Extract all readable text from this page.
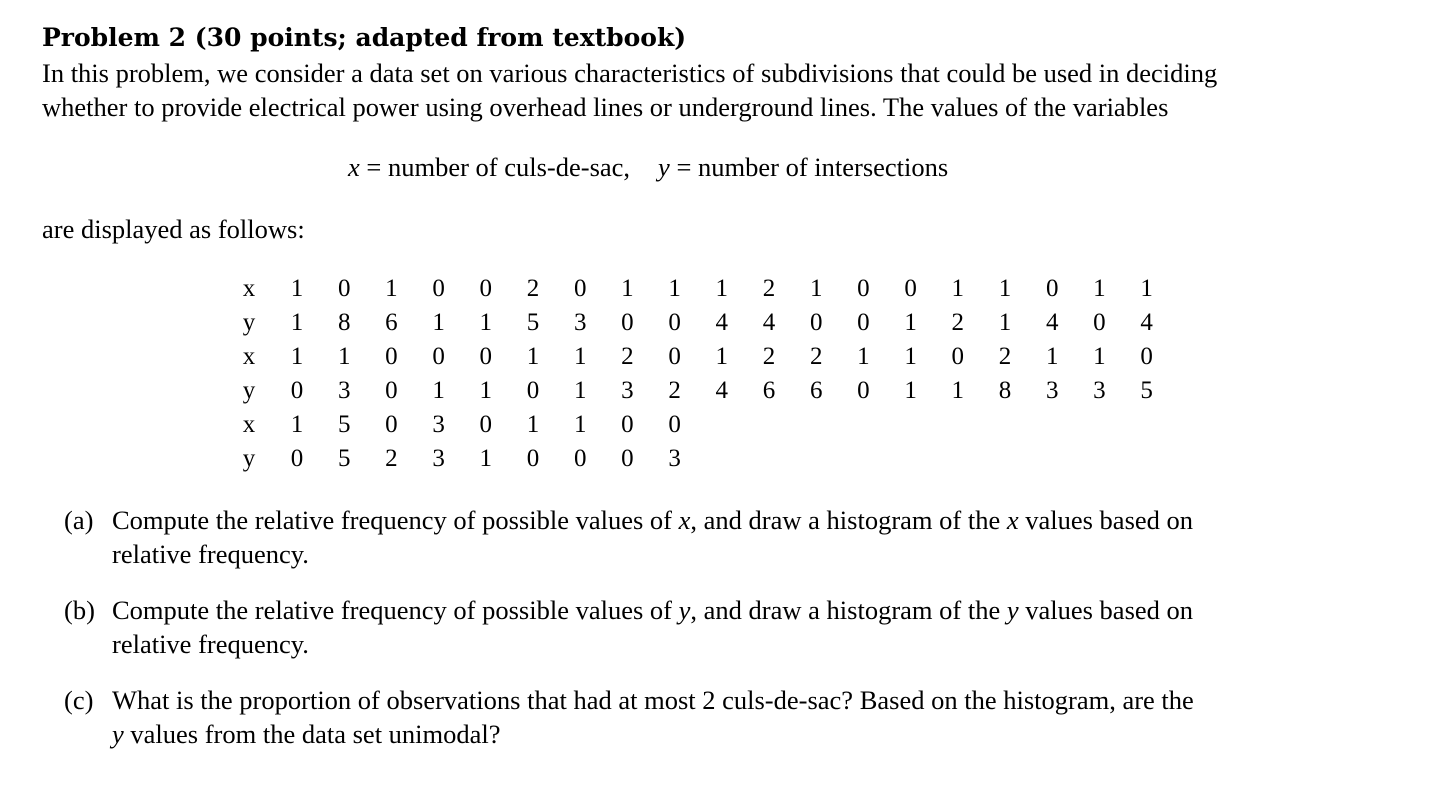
Problem 2 (30 points; adapted from textbook)
In this problem, we consider a data set on various characteristics of subdivisions that could be used in deciding
whether to provide electrical power using overhead lines or underground lines. The values of the variables
x = number of culs-de-sac, y = number of intersections
are displayed as follows:
x	1	0	1	0	0	2	0	1	1	1	2	1	0	0	1	1	0	1	1
y	1	8	6	1	1	5	3	0	0	4	4	0	0	1	2	1	4	0	4
x	1	1	0	0	0	1	1	2	0	1	2	2	1	1	0	2	1	1	0
y	0	3	0	1	1	0	1	3	2	4	6	6	0	1	1	8	3	3	5
x	1	5	0	3	0	1	1	0	0
y	0	5	2	3	1	0	0	0	3
(a) Compute the relative frequency of possible values of x, and draw a histogram of the x values based on
relative frequency.
(b) Compute the relative frequency of possible values of y, and draw a histogram of the y values based on
relative frequency.
(c) What is the proportion of observations that had at most 2 culs-de-sac? Based on the histogram, are the
y values from the data set unimodal?
